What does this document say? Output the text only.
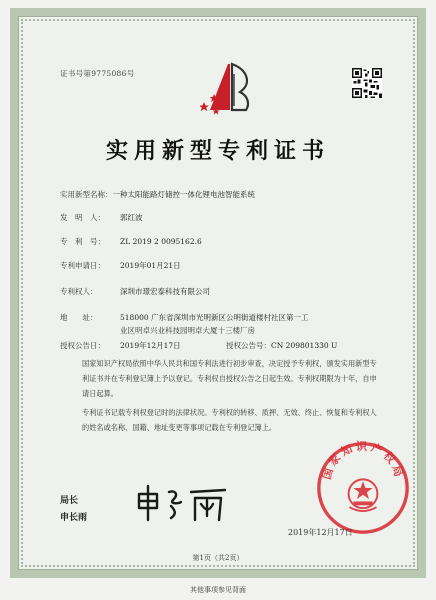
证书号第9775086号
实用新型专利证书
实用新型名称：一种太阳能路灯储控一体化锂电池智能系统
发　明　人： 郭红波
专　利　号： ZL 2019 2 0095162.6
专利申请日： 2019年01月21日
专利权人：	深圳市璟宏泰科技有限公司
地　　址：	518000 广东省深圳市光明新区公明街道楼村社区第一工
业区明卓兴业科技园明卓大厦十三楼厂房
授权公告日： 2019年12月17日	授权公告号：CN 209801330 U
国家知识产权局依照中华人民共和国专利法进行初步审查，决定授予专利权，颁发实用新型专利证书并在专利登记簿上予以登记。专利权自授权公告之日起生效。专利权期限为十年，自申请日起算。
专利证书记载专利权登记时的法律状况。专利权的转移、质押、无效、终止、恢复和专利权人的姓名或名称、国籍、地址变更等事项记载在专利登记簿上。
局长
申长雨
国家知识产权局
2019年12月17日
第1页（共2页）
其他事项参见背面
